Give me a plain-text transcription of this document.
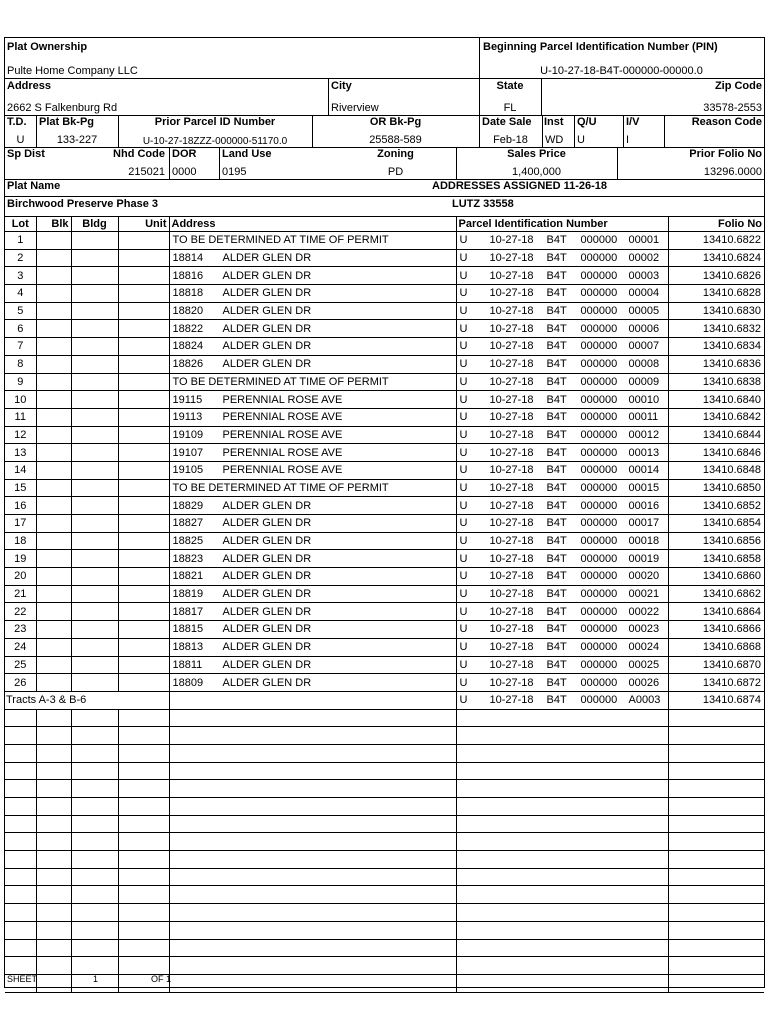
Plat Ownership
Pulte Home Company LLC
Beginning Parcel Identification Number (PIN)
U-10-27-18-B4T-000000-00000.0
Address
2662 S Falkenburg Rd
City
Riverview
State
FL
Zip Code
33578-2553
T.D.
U
Plat Bk-Pg
133-227
Prior Parcel ID Number
U-10-27-18ZZZ-000000-51170.0
OR Bk-Pg
25588-589
Date Sale
Feb-18
Inst
WD
Q/U
U
I/V
I
Reason Code
Sp Dist	Nhd Code
215021
DOR
0000
Land Use
0195
Zoning
PD
Sales Price
1,400,000
Prior Folio No
13296.0000
Plat Name	ADDRESSES ASSIGNED 11-26-18
Birchwood Preserve Phase 3	LUTZ 33558
Lot	Blk	Bldg	Unit	Address	Parcel Identification Number	Folio No
1				TO BE DETERMINED AT TIME OF PERMIT	U 10-27-18 B4T 000000 00001	13410.6822
2				18814 ALDER GLEN DR	U 10-27-18 B4T 000000 00002	13410.6824
3				18816 ALDER GLEN DR	U 10-27-18 B4T 000000 00003	13410.6826
4				18818 ALDER GLEN DR	U 10-27-18 B4T 000000 00004	13410.6828
5				18820 ALDER GLEN DR	U 10-27-18 B4T 000000 00005	13410.6830
6				18822 ALDER GLEN DR	U 10-27-18 B4T 000000 00006	13410.6832
7				18824 ALDER GLEN DR	U 10-27-18 B4T 000000 00007	13410.6834
8				18826 ALDER GLEN DR	U 10-27-18 B4T 000000 00008	13410.6836
9				TO BE DETERMINED AT TIME OF PERMIT	U 10-27-18 B4T 000000 00009	13410.6838
10				19115 PERENNIAL ROSE AVE	U 10-27-18 B4T 000000 00010	13410.6840
11				19113 PERENNIAL ROSE AVE	U 10-27-18 B4T 000000 00011	13410.6842
12				19109 PERENNIAL ROSE AVE	U 10-27-18 B4T 000000 00012	13410.6844
13				19107 PERENNIAL ROSE AVE	U 10-27-18 B4T 000000 00013	13410.6846
14				19105 PERENNIAL ROSE AVE	U 10-27-18 B4T 000000 00014	13410.6848
15				TO BE DETERMINED AT TIME OF PERMIT	U 10-27-18 B4T 000000 00015	13410.6850
16				18829 ALDER GLEN DR	U 10-27-18 B4T 000000 00016	13410.6852
17				18827 ALDER GLEN DR	U 10-27-18 B4T 000000 00017	13410.6854
18				18825 ALDER GLEN DR	U 10-27-18 B4T 000000 00018	13410.6856
19				18823 ALDER GLEN DR	U 10-27-18 B4T 000000 00019	13410.6858
20				18821 ALDER GLEN DR	U 10-27-18 B4T 000000 00020	13410.6860
21				18819 ALDER GLEN DR	U 10-27-18 B4T 000000 00021	13410.6862
22				18817 ALDER GLEN DR	U 10-27-18 B4T 000000 00022	13410.6864
23				18815 ALDER GLEN DR	U 10-27-18 B4T 000000 00023	13410.6866
24				18813 ALDER GLEN DR	U 10-27-18 B4T 000000 00024	13410.6868
25				18811 ALDER GLEN DR	U 10-27-18 B4T 000000 00025	13410.6870
26				18809 ALDER GLEN DR	U 10-27-18 B4T 000000 00026	13410.6872
Tracts A-3 & B-6					U 10-27-18 B4T 000000 A0003	13410.6874

SHEET	1	OF 1
